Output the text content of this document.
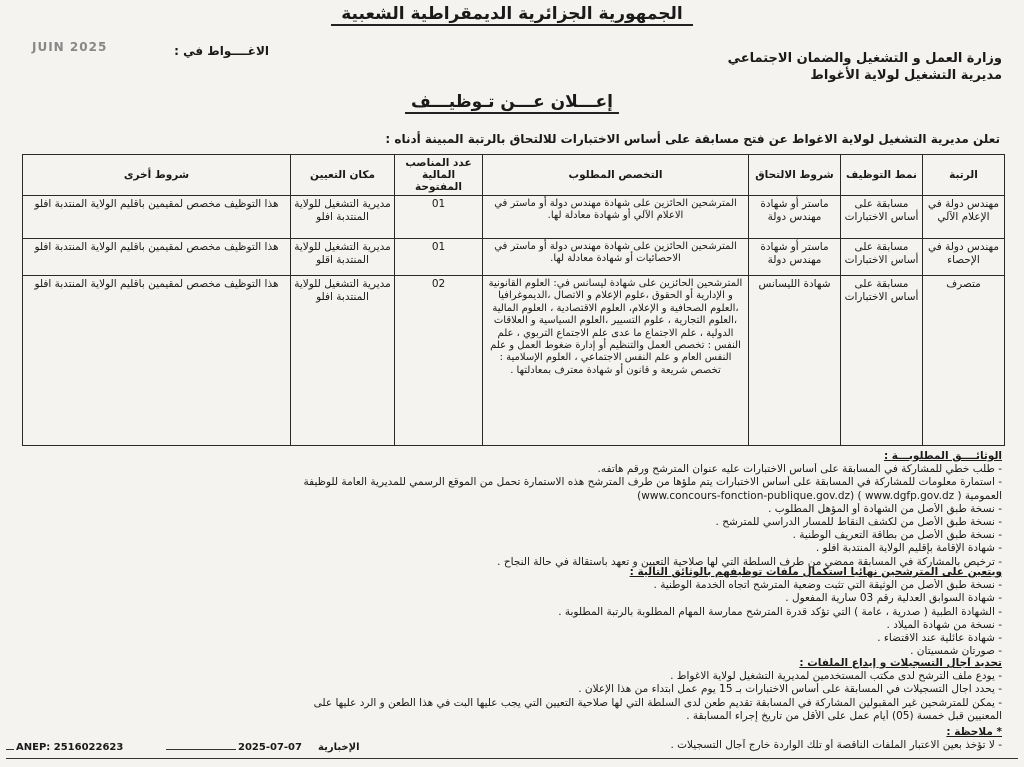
الجمهورية الجزائرية الديمقراطية الشعبية
JUIN 2025	الاغــــواط في :	وزارة العمل و التشغيل والضمان الاجتماعي
مديرية التشغيل لولاية الأغواط
إعـــلان عـــن تـوظيـــف
تعلن مديرية التشغيل لولاية الاغواط عن فتح مسابقة على أساس الاختبارات للالتحاق بالرتبة المبينة أدناه :
الرتبة	نمط التوظيف	شروط الالتحاق	التخصص المطلوب	عدد المناصب المالية المفتوحة	مكان التعيين	شروط أخرى
مهندس دولة في الإعلام الآلي	مسابقة على أساس الاختبارات	ماستر أو شهادة مهندس دولة	المترشحين الحائزين على شهادة مهندس دولة أو ماستر في الاعلام الآلي أو شهادة معادلة لها.	01	مديرية التشغيل للولاية المنتدبة افلو	هذا التوظيف مخصص لمقيمين باقليم الولاية المنتدبة افلو
مهندس دولة في الإحصاء	مسابقة على أساس الاختبارات	ماستر أو شهادة مهندس دولة	المترشحين الحائزين على شهادة مهندس دولة أو ماستر في الاحصائيات أو شهادة معادلة لها.	01	مديرية التشغيل للولاية المنتدبة اقلو	هذا التوظيف مخصص لمقيمين باقليم الولاية المنتدبة افلو
متصرف	مسابقة على أساس الاختبارات	شهادة الليسانس	المترشحين الحائزين على شهادة ليسانس في: العلوم القانونية و الإدارية أو الحقوق ،علوم الإعلام و الاتصال ،الديموغرافيا ،العلوم الصحافية و الإعلام، العلوم الاقتصادية ، العلوم المالية ،العلوم التجارية ، علوم التسيير ،العلوم السياسية و العلاقات الدولية ، علم الاجتماع ما عدى علم الاجتماع التربوي ، علم النفس : تخصص العمل والتنظيم أو إدارة ضغوط العمل و علم النفس العام و علم النفس الاجتماعي ، العلوم الإسلامية : تخصص شريعة و قانون أو شهادة معترف بمعادلتها .	02	مديرية التشغيل للولاية المنتدبة افلو	هذا التوظيف مخصص لمقيمين باقليم الولاية المنتدبة افلو
الوثائــــق المطلوبـــة :
- طلب خطي للمشاركة في المسابقة على أساس الاختبارات عليه عنوان المترشح ورقم هاتفه.
- استمارة معلومات للمشاركة في المسابقة على أساس الاختبارات يتم ملؤها من طرف المترشح هذه الاستمارة تحمل من الموقع الرسمي للمديرية العامة للوظيفة
العمومية ( www.dgfp.gov.dz ) (www.concours-fonction-publique.gov.dz)
- نسخة طبق الأصل من الشهادة أو المؤهل المطلوب .
- نسخة طبق الأصل من لكشف النقاط للمسار الدراسي للمترشح .
- نسخة طبق الأصل من بطاقة التعريف الوطنية .
- شهادة الإقامة بإقليم الولاية المنتدبة افلو .
- ترخيص بالمشاركة في المسابقة ممضي من طرف السلطة التي لها صلاحية التعيين و تعهد باستقالة في حالة النجاح .
ويتعين على المترشحين نهائيا استكمال ملفات توظيفهم بالوثائق التالية :
- نسخة طبق الأصل من الوثيقة التي تثبت وضعية المترشح اتجاه الخدمة الوطنية .
- شهادة السوابق العدلية رقم 03 سارية المفعول .
- الشهادة الطبية ( صدرية ، عامة ) التي تؤكد قدرة المترشح ممارسة المهام المطلوبة بالرتبة المطلوبة .
- نسخة من شهادة الميلاد .
- شهادة عائلية عند الاقتضاء .
- صورتان شمسيتان .
تحديد آجال التسجيلات و إيداع الملفات :
- يودع ملف الترشح لدى مكتب المستخدمين لمديرية التشغيل لولاية الاغواط .
- يحدد اجال التسجيلات في المسابقة على أساس الاختبارات بـ 15 يوم عمل ابتداء من هذا الإعلان .
- يمكن للمترشحين غير المقبولين المشاركة في المسابقة تقديم طعن لدى السلطة التي لها صلاحية التعيين التي يجب عليها البت في هذا الطعن و الرد عليها على
المعنيين قبل خمسة (05) أيام عمل على الأقل من تاريخ إجراء المسابقة .
* ملاحظة :
- لا تؤخذ بعين الاعتبار الملفات الناقصة أو تلك الواردة خارج آجال التسجيلات .
ANEP: 2516022623	2025-07-07 الإخبارية
